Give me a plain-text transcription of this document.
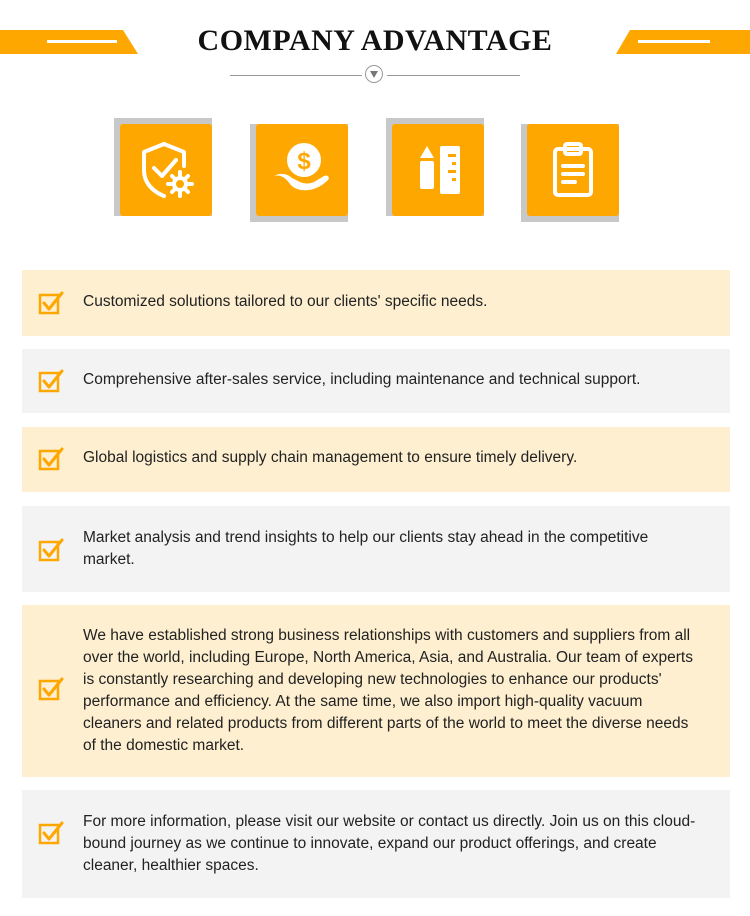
COMPANY ADVANTAGE
$
Customized solutions tailored to our clients' specific needs.
Comprehensive after-sales service, including maintenance and technical support.
Global logistics and supply chain management to ensure timely delivery.
Market analysis and trend insights to help our clients stay ahead in the competitive market.
We have established strong business relationships with customers and suppliers from all over the world, including Europe, North America, Asia, and Australia. Our team of experts is constantly researching and developing new technologies to enhance our products' performance and efficiency. At the same time, we also import high-quality vacuum cleaners and related products from different parts of the world to meet the diverse needs of the domestic market.
For more information, please visit our website or contact us directly. Join us on this cloud-bound journey as we continue to innovate, expand our product offerings, and create cleaner, healthier spaces.
